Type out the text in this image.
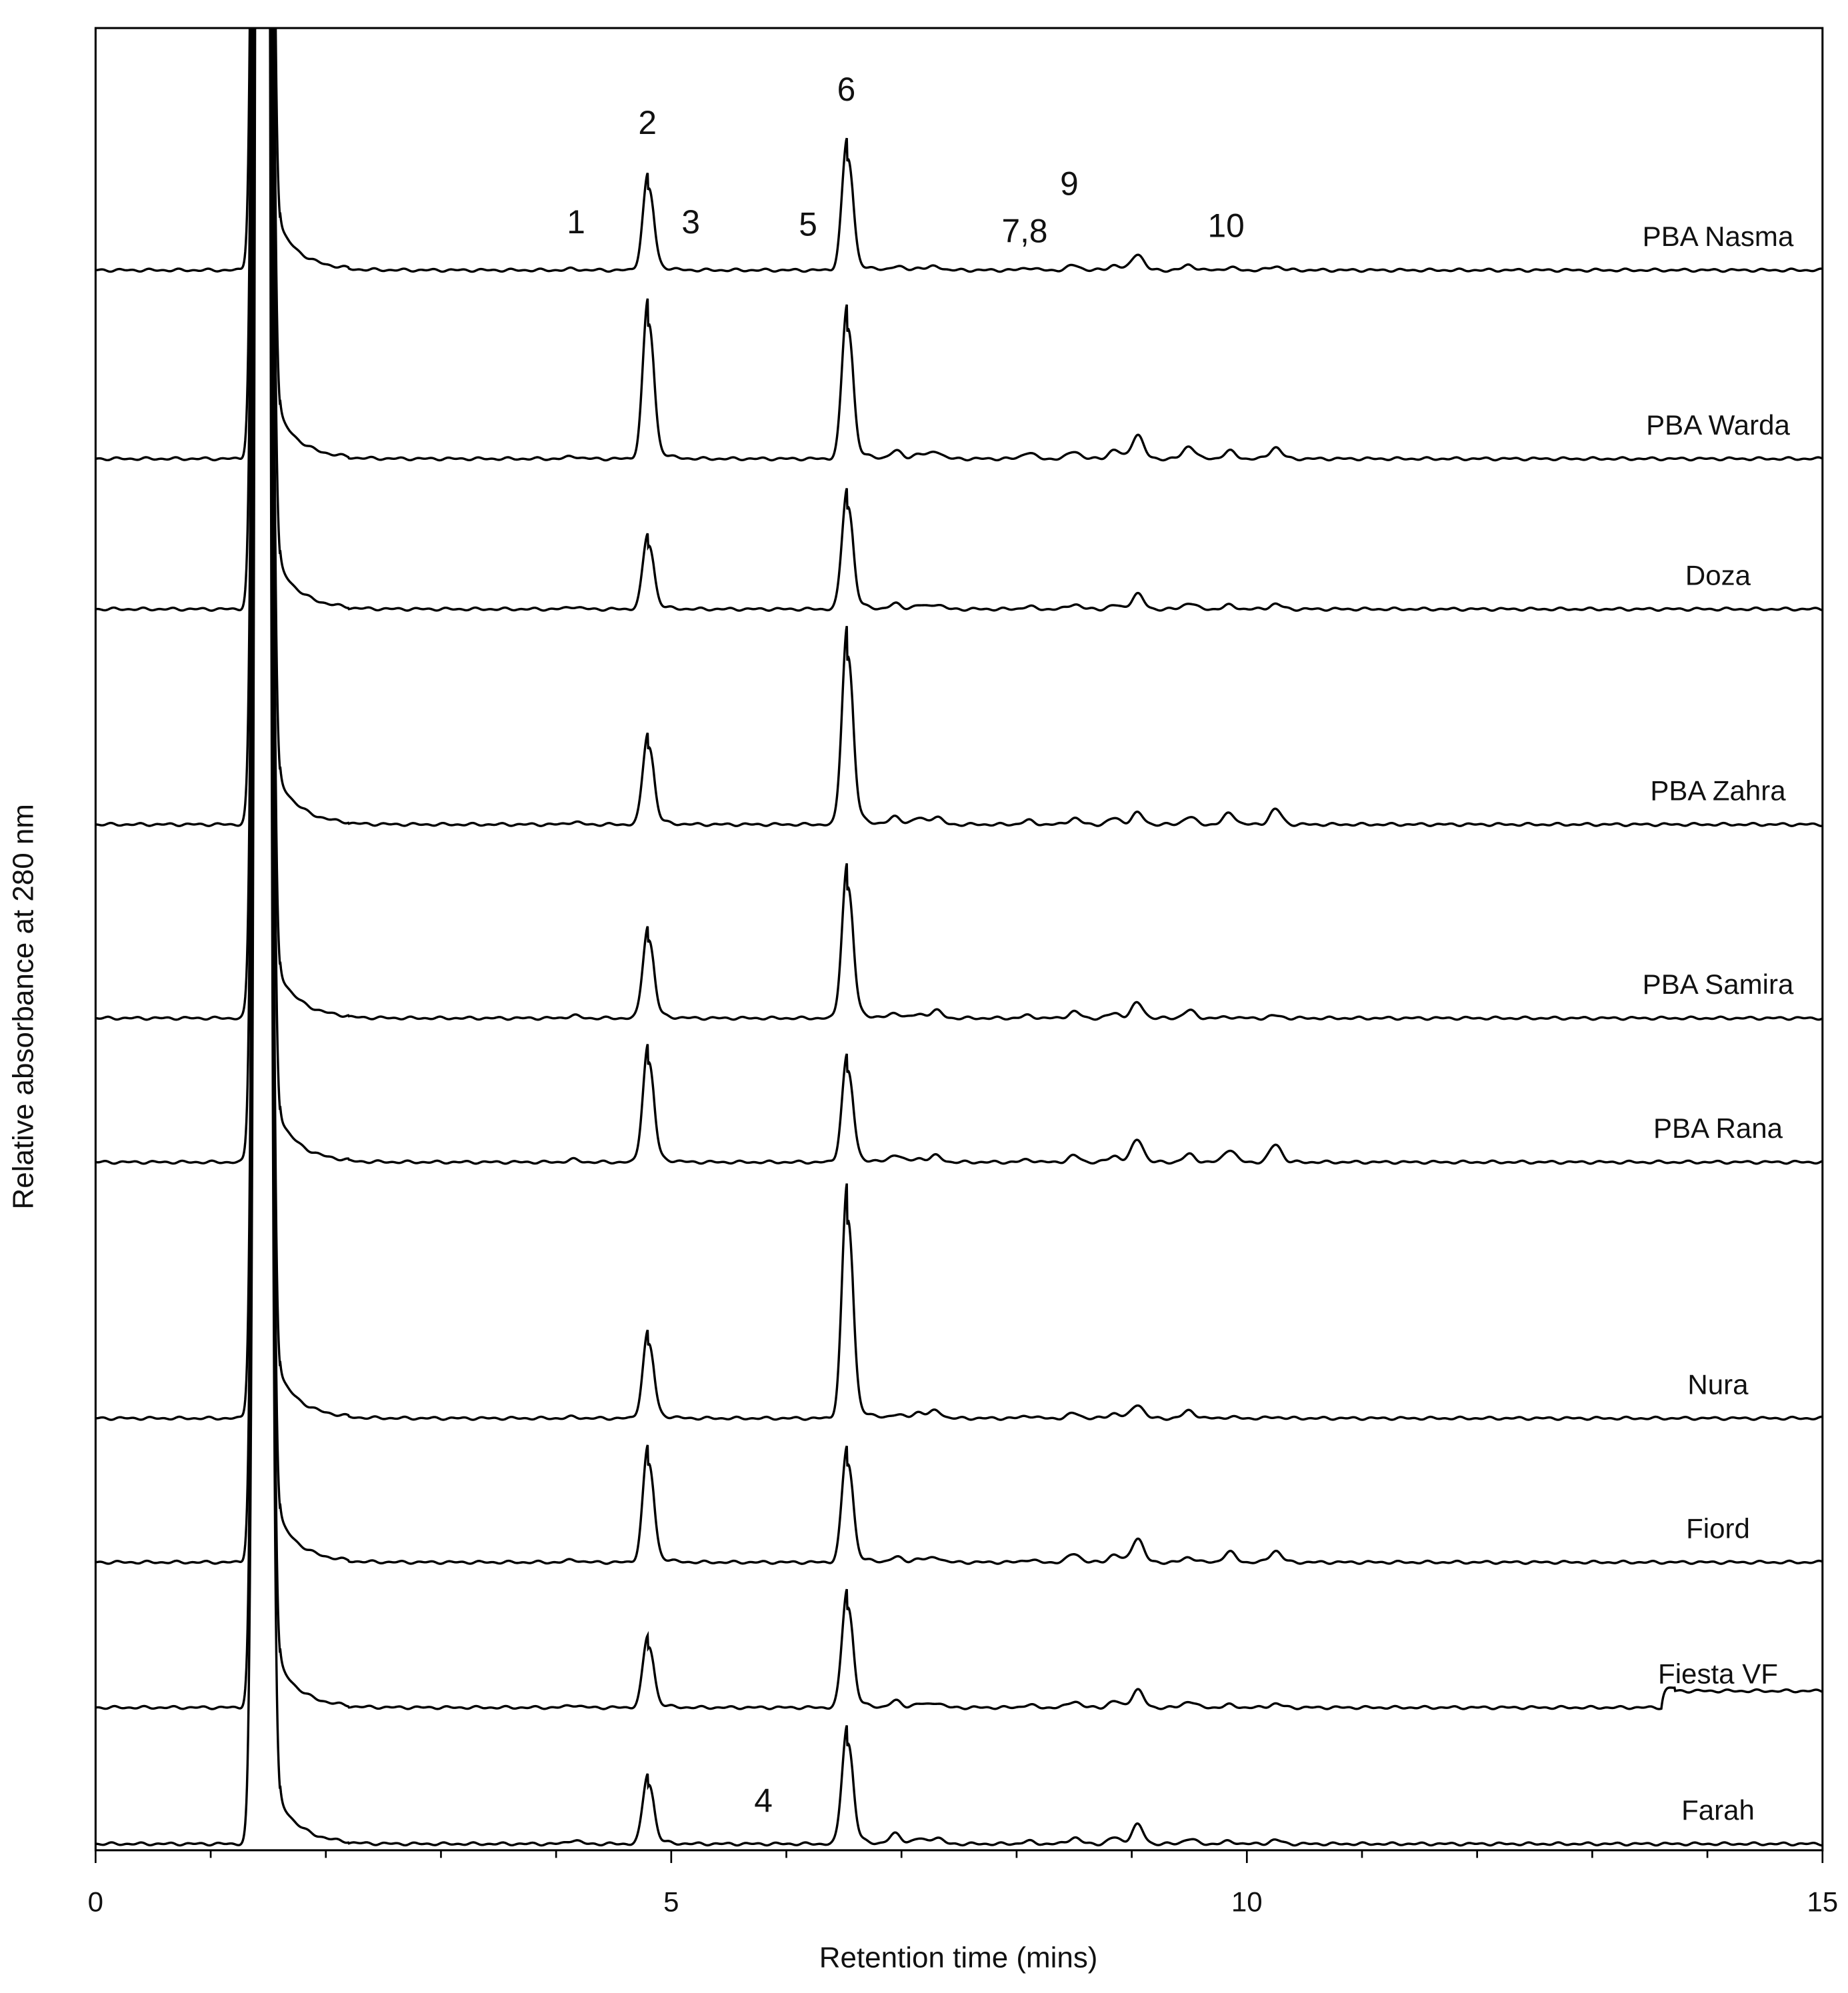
0	5	10	15
PBA Nasma
PBA Warda
Doza
PBA Zahra
PBA Samira
PBA Rana
Nura
Fiord
Fiesta VF
Farah
1
2
3	5
6
7,8
9
10
4
Retention time (mins)
Relative absorbance at 280 nm
